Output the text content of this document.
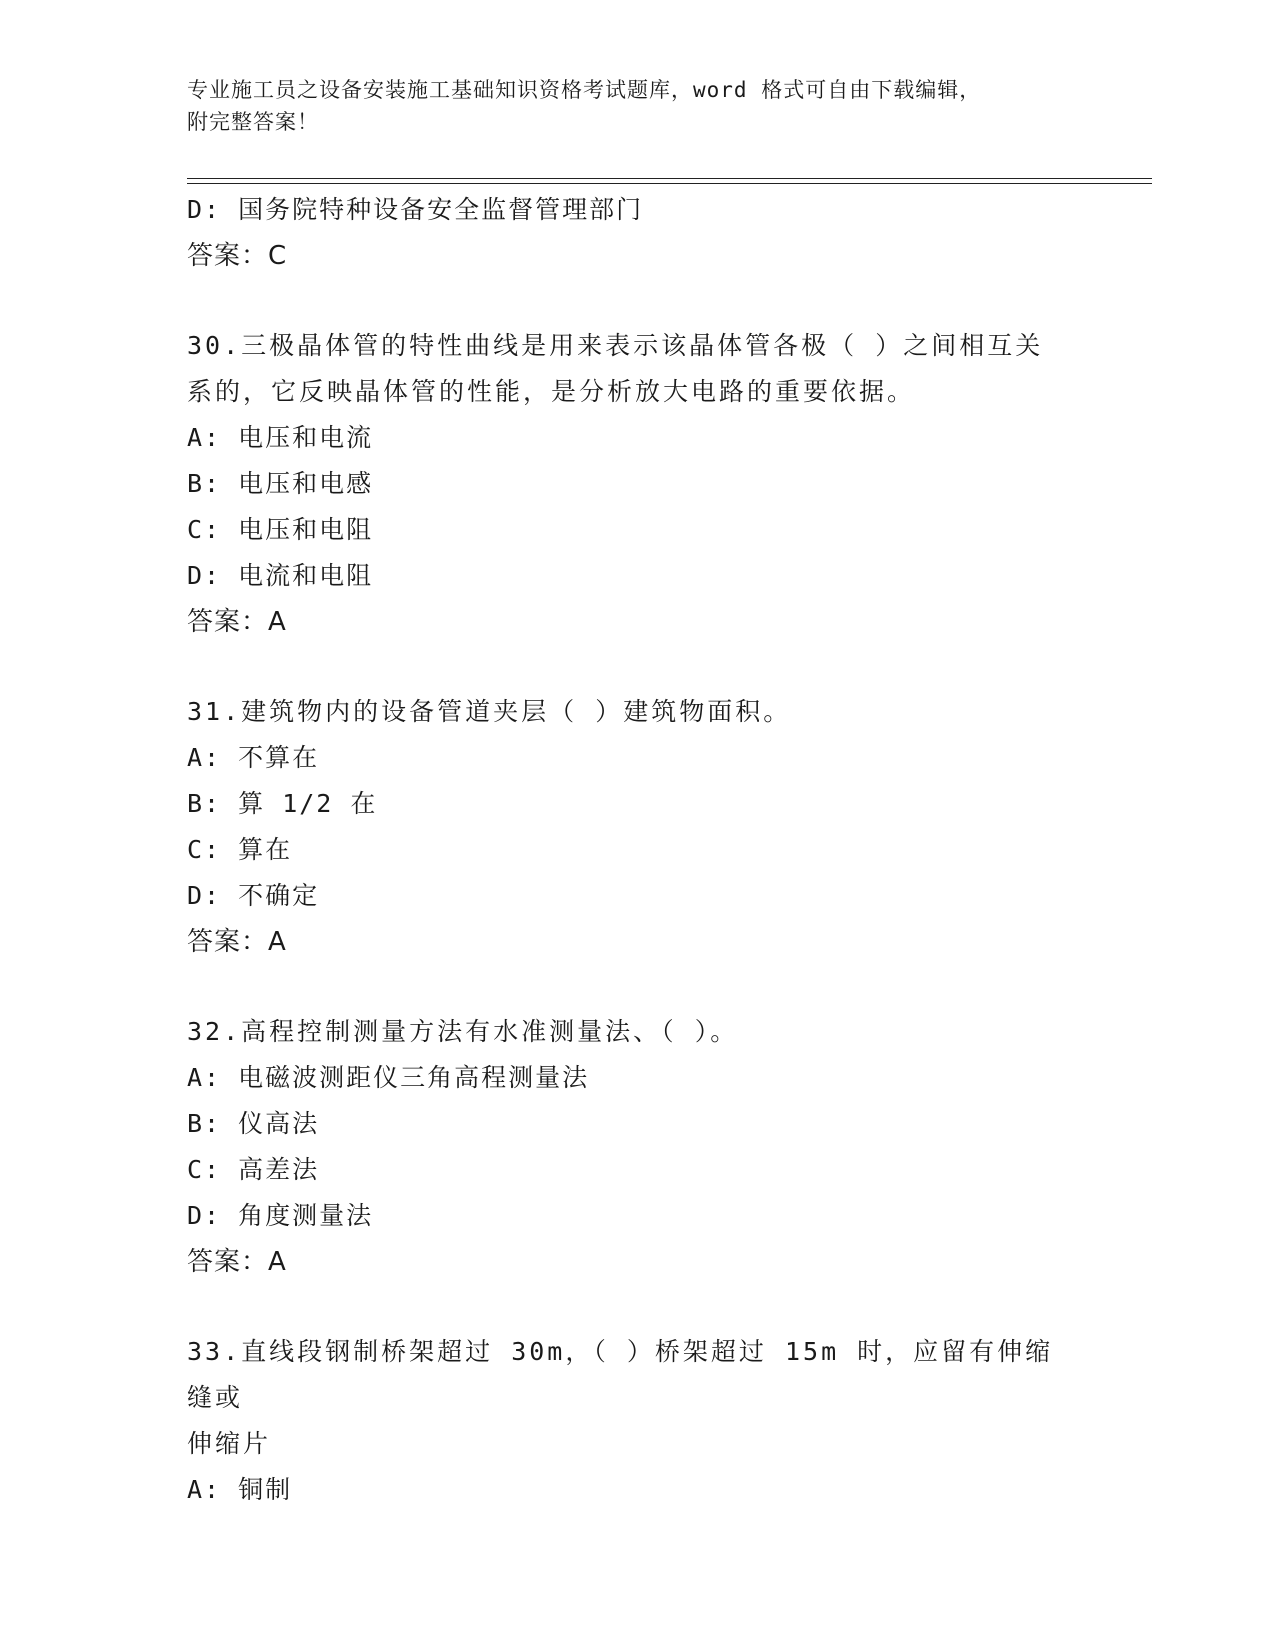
专业施工员之设备安装施工基础知识资格考试题库，word 格式可自由下载编辑，
附完整答案！
D: 国务院特种设备安全监督管理部门
答案：C
30.三极晶体管的特性曲线是用来表示该晶体管各极（ ）之间相互关
系的，它反映晶体管的性能，是分析放大电路的重要依据。
A: 电压和电流
B: 电压和电感
C: 电压和电阻
D: 电流和电阻
答案：A
31.建筑物内的设备管道夹层（ ）建筑物面积。
A: 不算在
B: 算 1/2 在
C: 算在
D: 不确定
答案：A
32.高程控制测量方法有水准测量法、（ ）。
A: 电磁波测距仪三角高程测量法
B: 仪高法
C: 高差法
D: 角度测量法
答案：A
33.直线段钢制桥架超过 30m，（ ）桥架超过 15m 时，应留有伸缩缝或
伸缩片
A: 铜制
